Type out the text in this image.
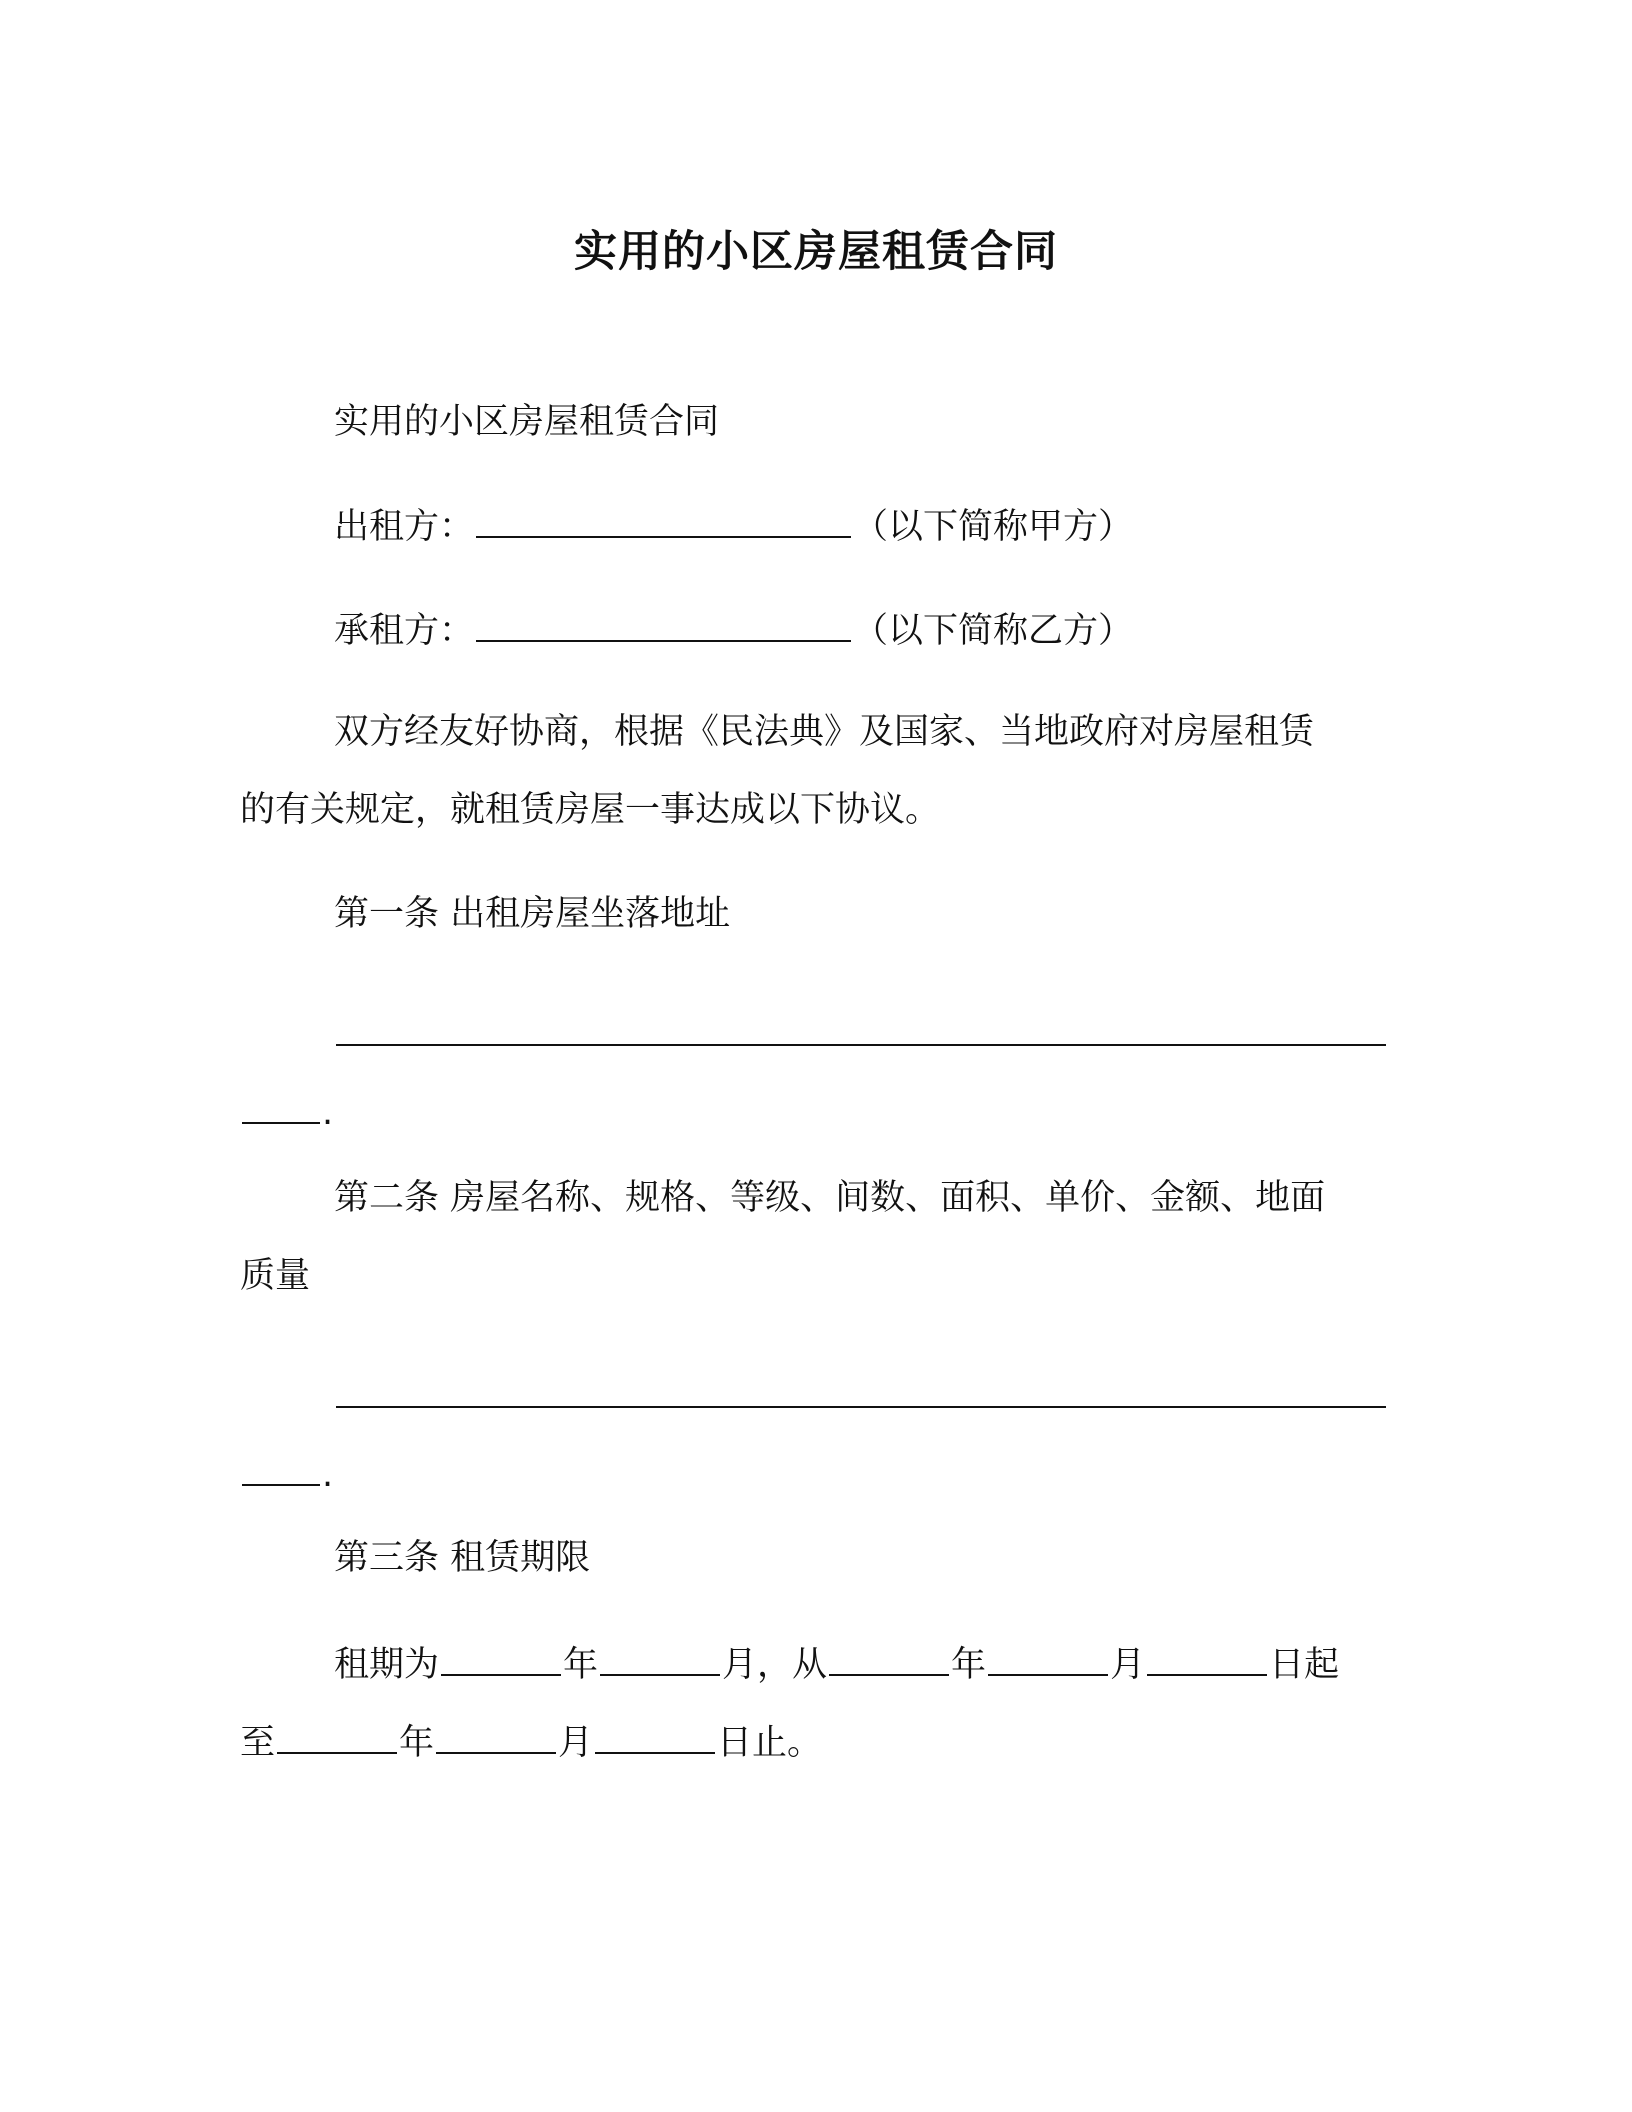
实用的小区房屋租赁合同
实用的小区房屋租赁合同
出租方：	（以下简称甲方）
承租方：	（以下简称乙方）
双方经友好协商，根据《民法典》及国家、当地政府对房屋租赁
的有关规定，就租赁房屋一事达成以下协议。
第一条 出租房屋坐落地址
.
第二条 房屋名称、规格、等级、间数、面积、单价、金额、地面
质量
.
第三条 租赁期限
租期为	年	月，从	年	月	日起
至	年	月	日止。
